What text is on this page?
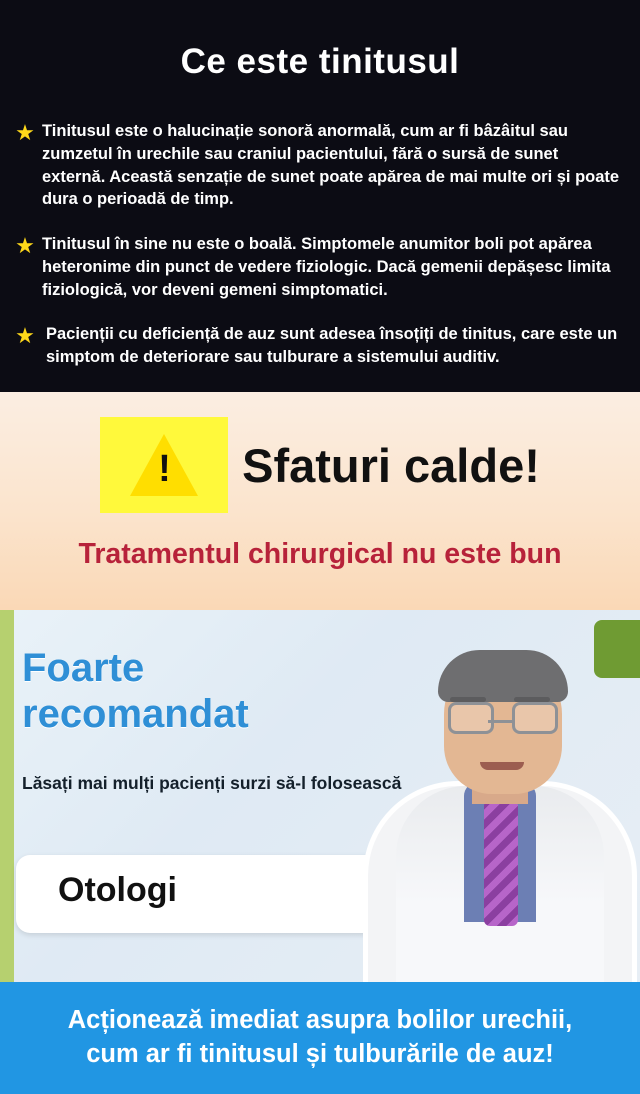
Ce este tinitusul
★ Tinitusul este o halucinație sonoră anormală, cum ar fi bâzâitul sau zumzetul în urechile sau craniul pacientului, fără o sursă de sunet externă. Această senzație de sunet poate apărea de mai multe ori și poate dura o perioadă de timp.
★ Tinitusul în sine nu este o boală. Simptomele anumitor boli pot apărea heteronime din punct de vedere fiziologic. Dacă gemenii depășesc limita fiziologică, vor deveni gemeni simptomatici.
★ Pacienții cu deficiență de auz sunt adesea însoțiți de tinitus, care este un simptom de deteriorare sau tulburare a sistemului auditiv.
!
Sfaturi calde!
Tratamentul chirurgical nu este bun
Foarte
recomandat
Lăsați mai mulți pacienți surzi să-l folosească
Otologi
Acționează imediat asupra bolilor urechii,
cum ar fi tinitusul și tulburările de auz!
